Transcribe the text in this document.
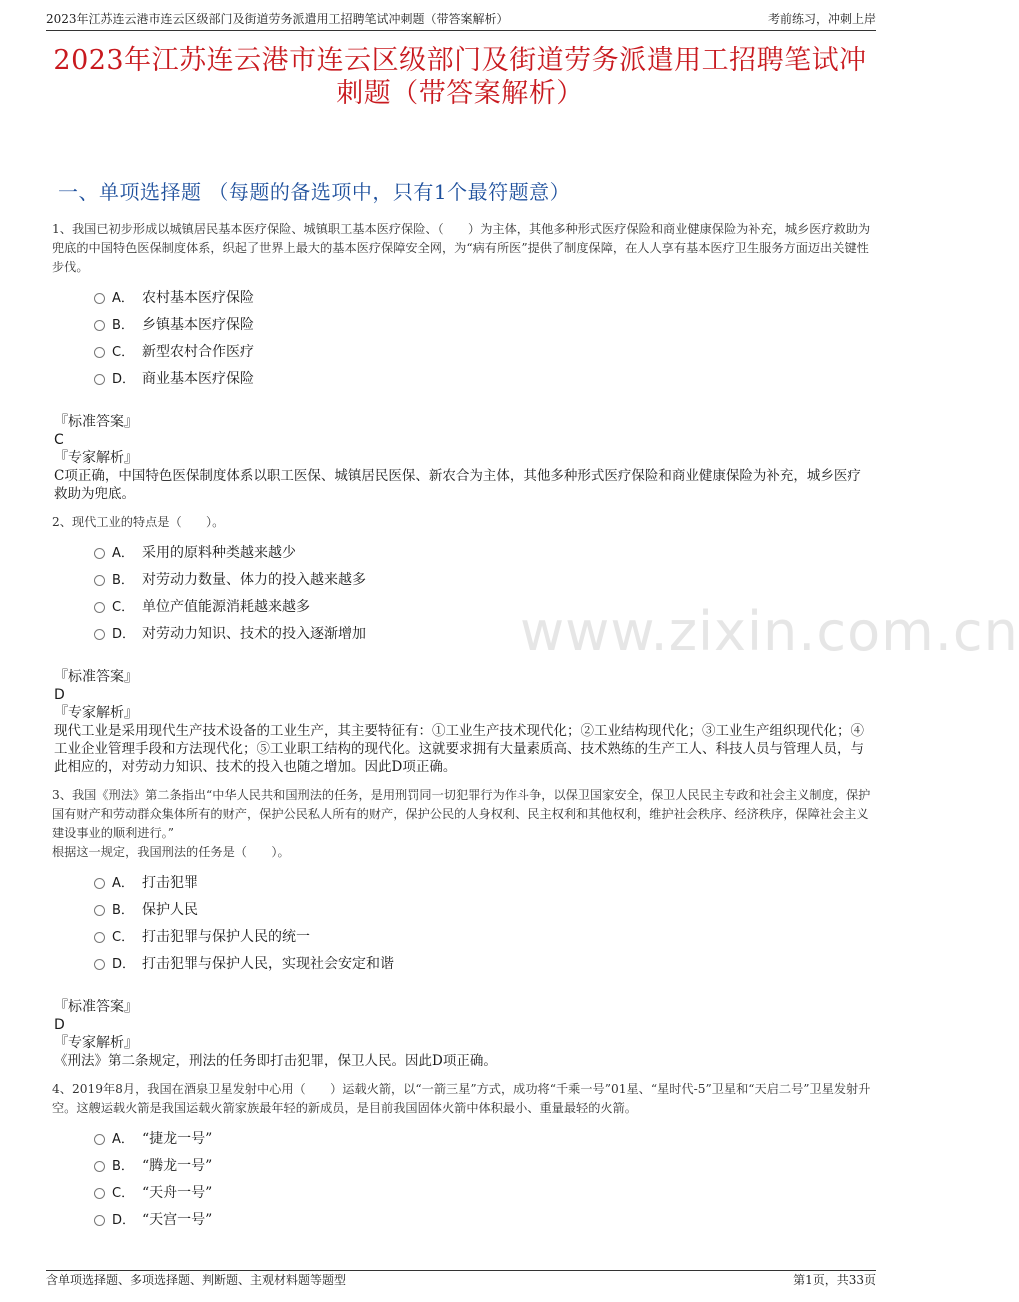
2023年江苏连云港市连云区级部门及街道劳务派遣用工招聘笔试冲刺题（带答案解析）	考前练习，冲刺上岸
2023年江苏连云港市连云区级部门及街道劳务派遣用工招聘笔试冲刺题（带答案解析）
一、单项选择题 （每题的备选项中，只有1个最符题意）
www.zixin.com.cn

1、我国已初步形成以城镇居民基本医疗保险、城镇职工基本医疗保险、（　　）为主体，其他多种形式医疗保险和商业健康保险为补充，城乡医疗救助为兜底的中国特色医保制度体系，织起了世界上最大的基本医疗保障安全网，为“病有所医”提供了制度保障，在人人享有基本医疗卫生服务方面迈出关键性步伐。

A． 农村基本医疗保险
B． 乡镇基本医疗保险
C． 新型农村合作医疗
D． 商业基本医疗保险
『标准答案』
C
『专家解析』

C项正确，中国特色医保制度体系以职工医保、城镇居民医保、新农合为主体，其他多种形式医疗保险和商业健康保险为补充，城乡医疗救助为兜底。

2、现代工业的特点是（　　）。

A． 采用的原料种类越来越少
B． 对劳动力数量、体力的投入越来越多
C． 单位产值能源消耗越来越多
D． 对劳动力知识、技术的投入逐渐增加
『标准答案』
D
『专家解析』

现代工业是采用现代生产技术设备的工业生产，其主要特征有：①工业生产技术现代化；②工业结构现代化；③工业生产组织现代化；④工业企业管理手段和方法现代化；⑤工业职工结构的现代化。这就要求拥有大量素质高、技术熟练的生产工人、科技人员与管理人员，与此相应的，对劳动力知识、技术的投入也随之增加。因此D项正确。

3、我国《刑法》第二条指出“中华人民共和国刑法的任务，是用刑罚同一切犯罪行为作斗争，以保卫国家安全，保卫人民民主专政和社会主义制度，保护国有财产和劳动群众集体所有的财产，保护公民私人所有的财产，保护公民的人身权利、民主权利和其他权利，维护社会秩序、经济秩序，保障社会主义建设事业的顺利进行。”

根据这一规定，我国刑法的任务是（　　）。

A． 打击犯罪
B． 保护人民
C． 打击犯罪与保护人民的统一
D． 打击犯罪与保护人民，实现社会安定和谐
『标准答案』
D
『专家解析』

《刑法》第二条规定，刑法的任务即打击犯罪，保卫人民。因此D项正确。

4、2019年8月，我国在酒泉卫星发射中心用（　　）运载火箭，以“一箭三星”方式，成功将“千乘一号”01星、“星时代-5”卫星和“天启二号”卫星发射升空。这艘运载火箭是我国运载火箭家族最年轻的新成员，是目前我国固体火箭中体积最小、重量最轻的火箭。

A． “捷龙一号”
B． “腾龙一号”
C． “天舟一号”
D． “天宫一号”
含单项选择题、多项选择题、判断题、主观材料题等题型	第1页，共33页
